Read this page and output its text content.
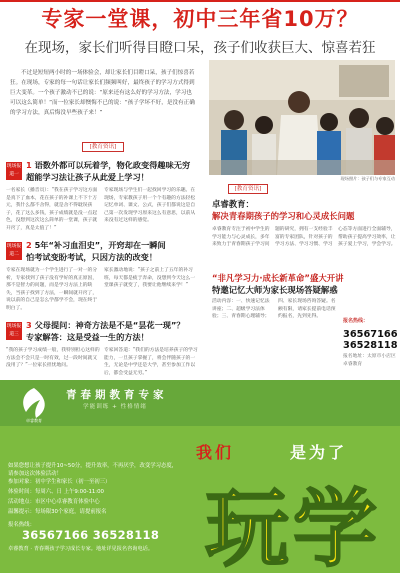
专家一堂课，初中三年省10万？
在现场，家长们听得目瞪口呆，孩子们收获巨大、惊喜若狂
不过是短短两小时的一场体验会，却让家长们目瞪口呆，孩子们惊喜若狂。在现场，专家的每一句话让家长们频频叫好，最终孩子的学习方式得到巨大变革。一个孩子激动不已的说：“原来还有这么好的学习方法，学习也可以这么简单！”而一位家长却懊悔不已的说：“孩子学坏不好，是没有正确的学习方法，真后悔没早些孩子来！”
[教育资讯]
现场报道一
1 语数外都可以玩着学，物化政变得趣味无穷
超能学习法让孩子从此爱上学习！
一名家长（播音员）：“我在孩子学习这方面是真下了血本，花在孩子的补课上不下十万元，我什么都不舍得，就是舍不得耽误孩子，花了这么多钱，孩子成绩就是没一点起色，没想到这次这么简单的一堂课，孩子就开窍了，真是太值了！”
专家现场与学生们一起找回学习的乐趣。在现场，专家教孩子用一个个有趣的方法轻松记忆单词、课文、公式，孩子们都说这是自己第一次发现学习原来这么有意思，以前从来没有过这样的感觉。
现场报道二
2 5年“补习血泪史”，开窍却在一瞬间
怕考试变盼考试，只因方法的改变！
专家在现场就为一个学生进行了一对一的分析，专家找到了孩子没有学好的真正原因，那不是智力的问题，而是学习方法上的缺失，当孩子找到了方法，一瞬间就开窍了，说以前的自己是怎么学都学不会，现在终于明白了。
家长激动地说：“孩子之前上了五年的补习班，每天都是疲于奔命，没想到今天这么一堂课孩子就变了，我要让他继续来学！”
现场报道三
3 父母提问：神奇方法是不是“昙花一现”？
专家解答：这是受益一生的方法！
“我的孩子学习成绩一般，我特别担心这样的方法会不会只是一时有效，过一段时间就又没用了？”一位家长担忧地问。
专家回答道：“我们的方法是培养孩子的学习能力，一旦孩子掌握了，将会伴随孩子的一生，无论是中学还是大学，甚至参加工作以后，都会受益无穷。”
现场照片：孩子们与专家互动
[教育资讯]
卓睿教育：
解决青春期孩子的学习和心灵成长问题
卓睿教育专注于初中学生的学习能力与心灵成长，多年来致力于青春期孩子学习问题的研究，拥有一支经验丰富的专家团队，针对孩子的学习方法、学习习惯、学习心态等方面进行全面辅导，帮助孩子提高学习效率，让孩子爱上学习，学会学习。
“非凡学习力·成长新革命”盛大开讲
特邀记忆大师为家长现场答疑解惑
活动内容：一、快速记忆法讲座；二、超级学习法体验；三、青春期心理辅导；四、家长现场咨询答疑。名额有限，请家长提前电话预约报名，先到先得。
报名热线：
36567166
36528118
报名地址：太原市小店区卓睿教育
卓睿教育
青春期教育专家
学能训练 + 性格情绪
如果您想让孩子提升10~50分，提升效率，不再厌学，改变学习态度，请参加这次体验活动！
参加对象：初中学生和家长（初一至初三）
体验时间：每周六、日 上午9:00-11:00
活动地点：市区中心卓睿教育体验中心
温馨提示：每场限30个家庭，请提前报名
报名热线：
36567166 36528118
卓睿教育 · 青春期孩子学习成长专家。地址详见报名咨询电话。
我们	是为了
玩学
